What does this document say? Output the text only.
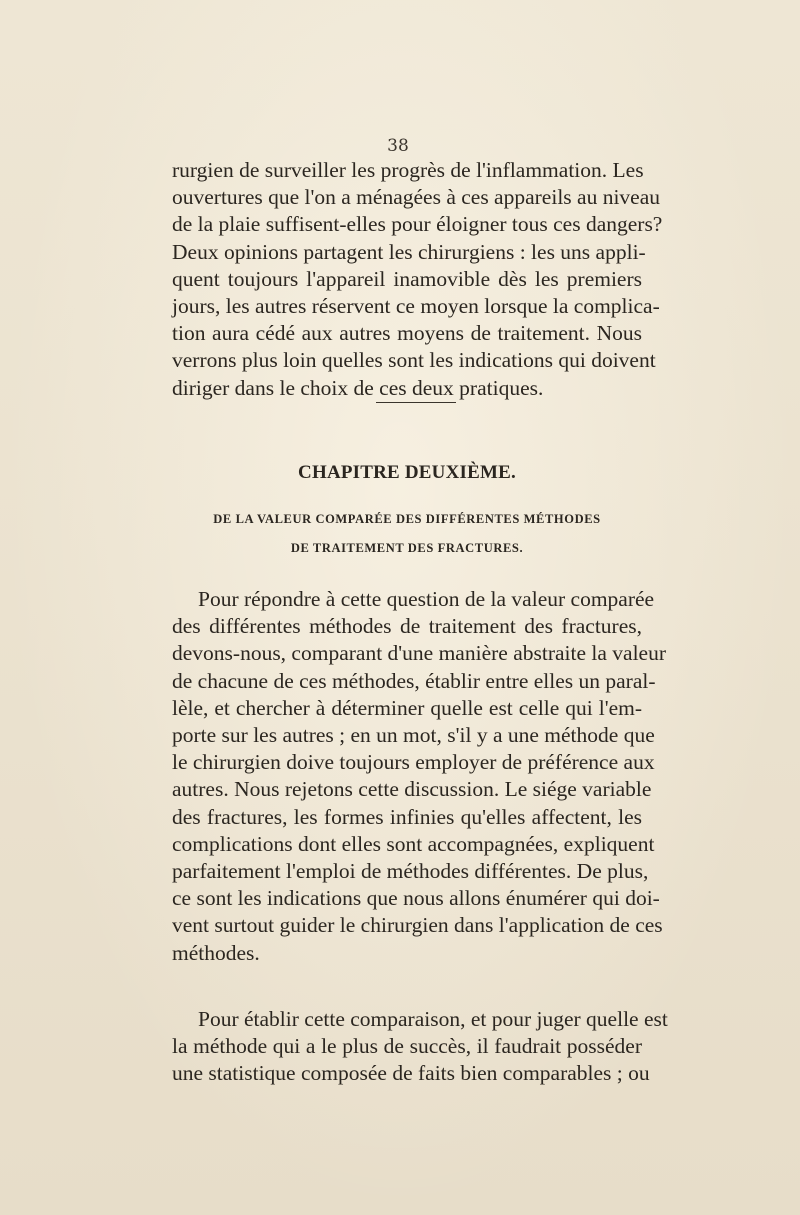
38

rurgien de surveiller les progrès de l'inflammation. Les
ouvertures que l'on a ménagées à ces appareils au niveau
de la plaie suffisent-elles pour éloigner tous ces dangers?
Deux opinions partagent les chirurgiens : les uns appli-
quent toujours l'appareil inamovible dès les premiers
jours, les autres réservent ce moyen lorsque la complica-
tion aura cédé aux autres moyens de traitement. Nous
verrons plus loin quelles sont les indications qui doivent
diriger dans le choix de ces deux pratiques.

CHAPITRE DEUXIÈME.
DE LA VALEUR COMPARÉE DES DIFFÉRENTES MÉTHODES
DE TRAITEMENT DES FRACTURES.

Pour répondre à cette question de la valeur comparée
des différentes méthodes de traitement des fractures,
devons-nous, comparant d'une manière abstraite la valeur
de chacune de ces méthodes, établir entre elles un paral-
lèle, et chercher à déterminer quelle est celle qui l'em-
porte sur les autres ; en un mot, s'il y a une méthode que
le chirurgien doive toujours employer de préférence aux
autres. Nous rejetons cette discussion. Le siége variable
des fractures, les formes infinies qu'elles affectent, les
complications dont elles sont accompagnées, expliquent
parfaitement l'emploi de méthodes différentes. De plus,
ce sont les indications que nous allons énumérer qui doi-
vent surtout guider le chirurgien dans l'application de ces
méthodes.

Pour établir cette comparaison, et pour juger quelle est
la méthode qui a le plus de succès, il faudrait posséder
une statistique composée de faits bien comparables ; ou
